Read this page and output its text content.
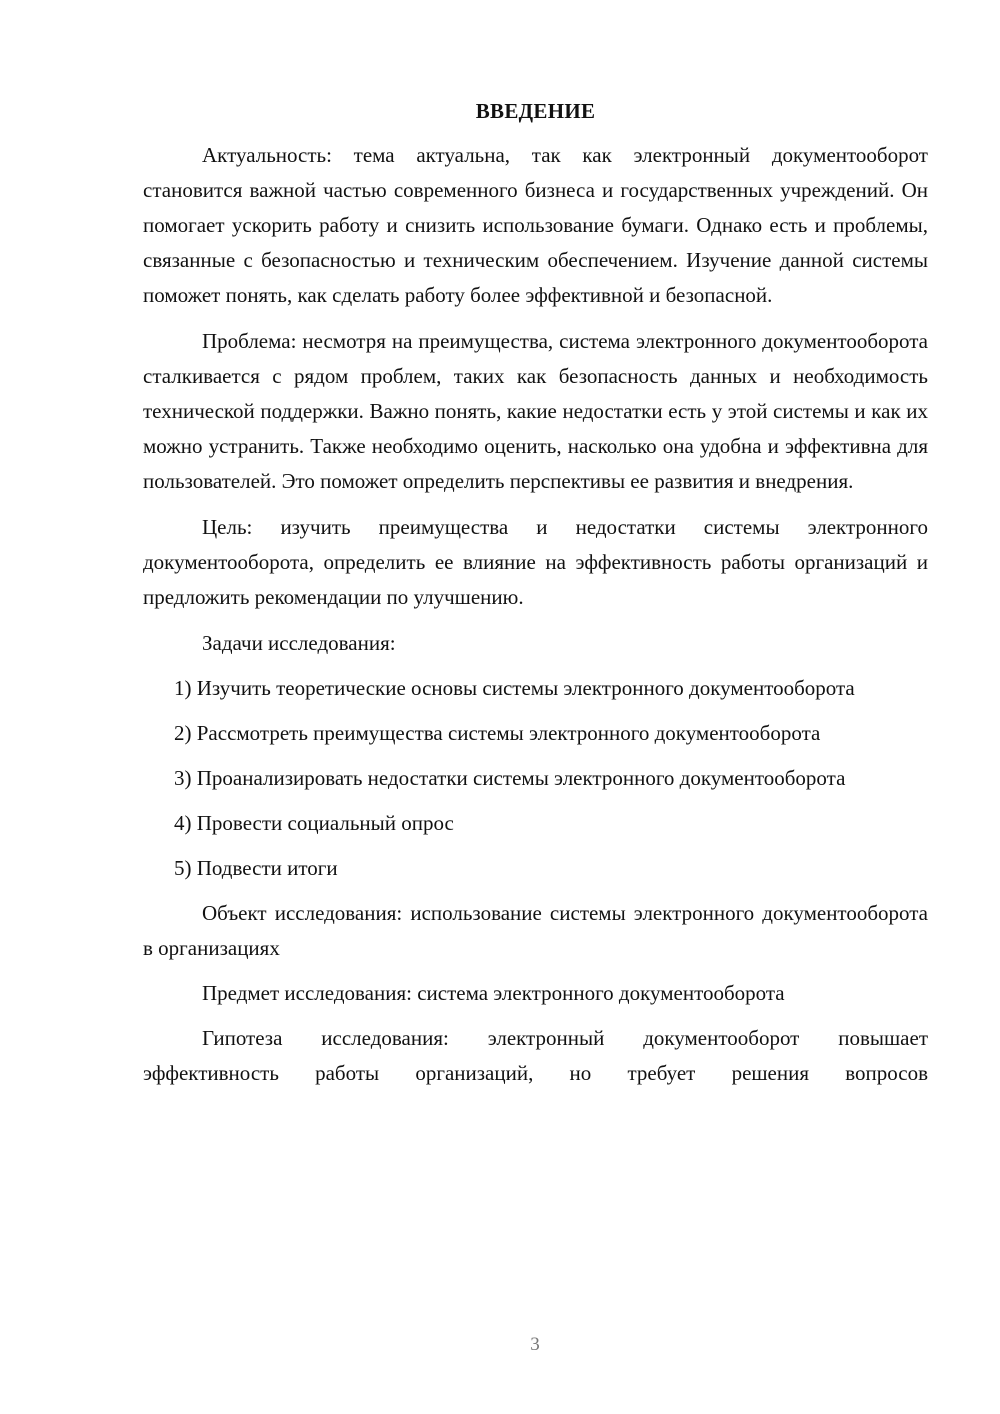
ВВЕДЕНИЕ

Актуальность: тема актуальна, так как электронный документооборот становится важной частью современного бизнеса и государственных учреждений. Он помогает ускорить работу и снизить использование бумаги. Однако есть и проблемы, связанные с безопасностью и техническим обеспечением. Изучение данной системы поможет понять, как сделать работу более эффективной и безопасной.

Проблема: несмотря на преимущества, система электронного документооборота сталкивается с рядом проблем, таких как безопасность данных и необходимость технической поддержки. Важно понять, какие недостатки есть у этой системы и как их можно устранить. Также необходимо оценить, насколько она удобна и эффективна для пользователей. Это поможет определить перспективы ее развития и внедрения.

Цель: изучить преимущества и недостатки системы электронного документооборота, определить ее влияние на эффективность работы организаций и предложить рекомендации по улучшению.

Задачи исследования:

1) Изучить теоретические основы системы электронного документооборота

2) Рассмотреть преимущества системы электронного документооборота

3) Проанализировать недостатки системы электронного документооборота

4) Провести социальный опрос

5) Подвести итоги

Объект исследования: использование системы электронного документооборота в организациях

Предмет исследования: система электронного документооборота

Гипотеза исследования: электронный документооборот повышает эффективность работы организаций, но требует решения вопросов

3
